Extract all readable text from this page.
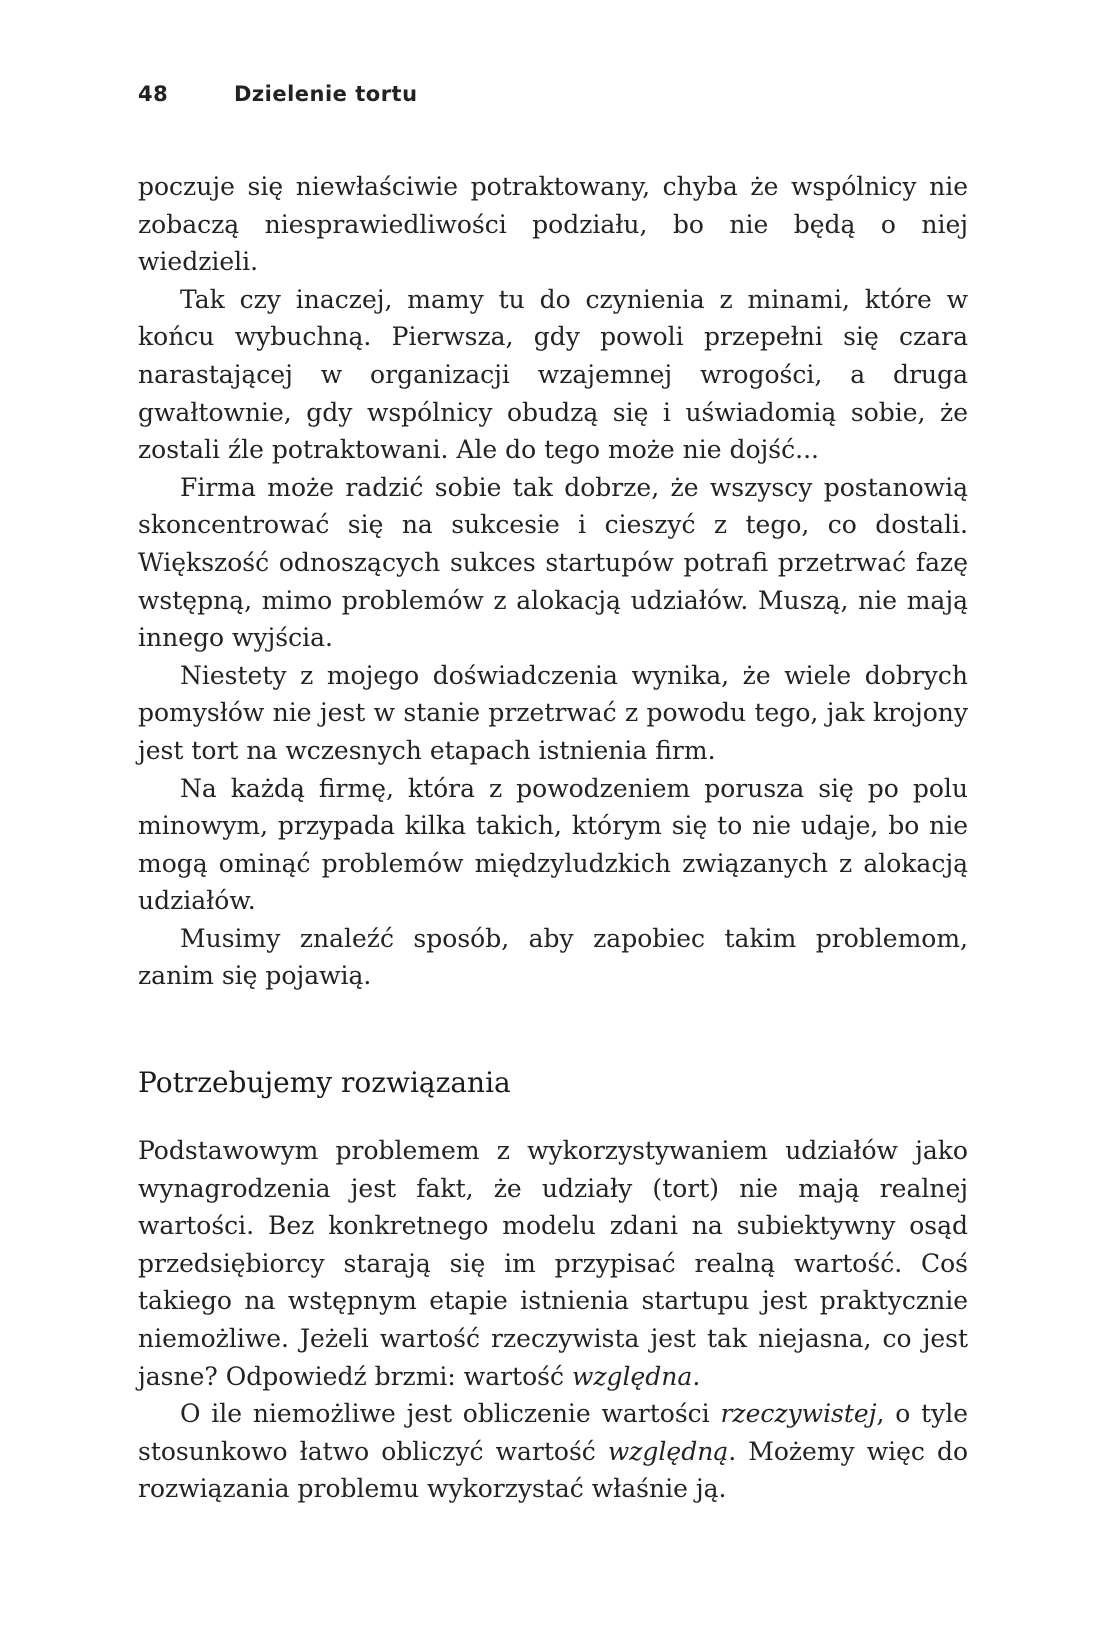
48	Dzielenie tortu

poczuje się niewłaściwie potraktowany, chyba że wspólnicy nie zobaczą niesprawiedliwości podziału, bo nie będą o niej wiedzieli.

Tak czy inaczej, mamy tu do czynienia z minami, które w końcu wybuchną. Pierwsza, gdy powoli przepełni się czara narastającej w organizacji wzajemnej wrogości, a druga gwałtownie, gdy wspólnicy obudzą się i uświadomią sobie, że zostali źle potraktowani. Ale do tego może nie dojść...

Firma może radzić sobie tak dobrze, że wszyscy postanowią skoncentrować się na sukcesie i cieszyć z tego, co dostali. Większość odnoszących sukces startupów potrafi przetrwać fazę wstępną, mimo problemów z alokacją udziałów. Muszą, nie mają innego wyjścia.

Niestety z mojego doświadczenia wynika, że wiele dobrych pomysłów nie jest w stanie przetrwać z powodu tego, jak krojony jest tort na wczesnych etapach istnienia firm.

Na każdą firmę, która z powodzeniem porusza się po polu minowym, przypada kilka takich, którym się to nie udaje, bo nie mogą ominąć problemów międzyludzkich związanych z alokacją udziałów.

Musimy znaleźć sposób, aby zapobiec takim problemom, zanim się pojawią.

Potrzebujemy rozwiązania

Podstawowym problemem z wykorzystywaniem udziałów jako wynagrodzenia jest fakt, że udziały (tort) nie mają realnej wartości. Bez konkretnego modelu zdani na subiektywny osąd przedsiębiorcy starają się im przypisać realną wartość. Coś takiego na wstępnym etapie istnienia startupu jest praktycznie niemożliwe. Jeżeli wartość rzeczywista jest tak niejasna, co jest jasne? Odpowiedź brzmi: wartość względna.

O ile niemożliwe jest obliczenie wartości rzeczywistej, o tyle stosunkowo łatwo obliczyć wartość względną. Możemy więc do rozwiązania problemu wykorzystać właśnie ją.
